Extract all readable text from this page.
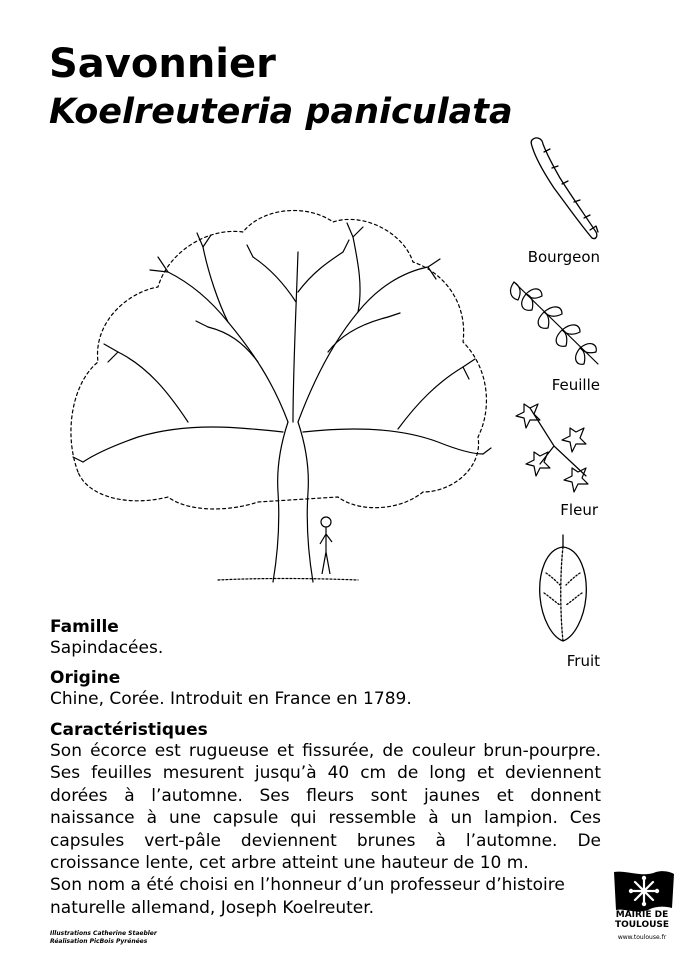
Savonnier
Koelreuteria paniculata
Bourgeon
Feuille
Fleur
Fruit
Famille
Sapindacées.
Origine
Chine, Corée. Introduit en France en 1789.
Caractéristiques
Son écorce est rugueuse et fissurée, de couleur brun-pourpre. Ses feuilles mesurent jusqu’à 40 cm de long et deviennent dorées à l’automne. Ses fleurs sont jaunes et donnent naissance à une capsule qui ressemble à un lampion. Ces capsules vert-pâle deviennent brunes à l’automne. De croissance lente, cet arbre atteint une hauteur de 10 m.
Son nom a été choisi en l’honneur d’un professeur d’histoire naturelle allemand, Joseph Koelreuter.
Illustrations Catherine Staebler
Réalisation PicBois Pyrénées
MAIRIE DE
TOULOUSE
www.toulouse.fr
